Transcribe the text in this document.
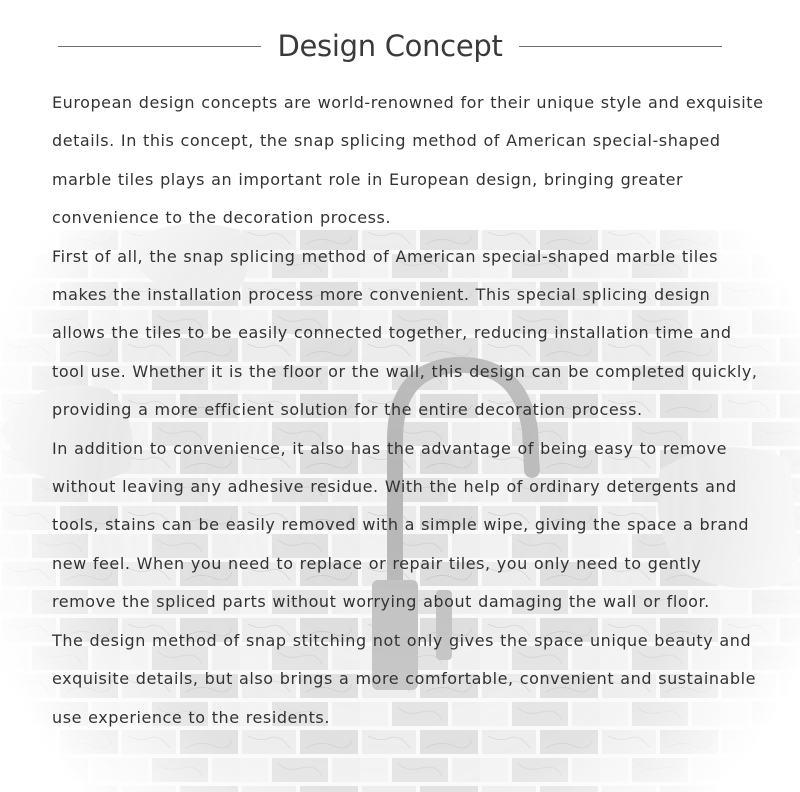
Design Concept

European design concepts are world-renowned for their unique style and exquisite details. In this concept, the snap splicing method of American special-shaped marble tiles plays an important role in European design, bringing greater convenience to the decoration process.

First of all, the snap splicing method of American special-shaped marble tiles makes the installation process more convenient. This special splicing design allows the tiles to be easily connected together, reducing installation time and tool use. Whether it is the floor or the wall, this design can be completed quickly, providing a more efficient solution for the entire decoration process.

In addition to convenience, it also has the advantage of being easy to remove without leaving any adhesive residue. With the help of ordinary detergents and tools, stains can be easily removed with a simple wipe, giving the space a brand new feel. When you need to replace or repair tiles, you only need to gently remove the spliced parts without worrying about damaging the wall or floor.

The design method of snap stitching not only gives the space unique beauty and exquisite details, but also brings a more comfortable, convenient and sustainable use experience to the residents.
